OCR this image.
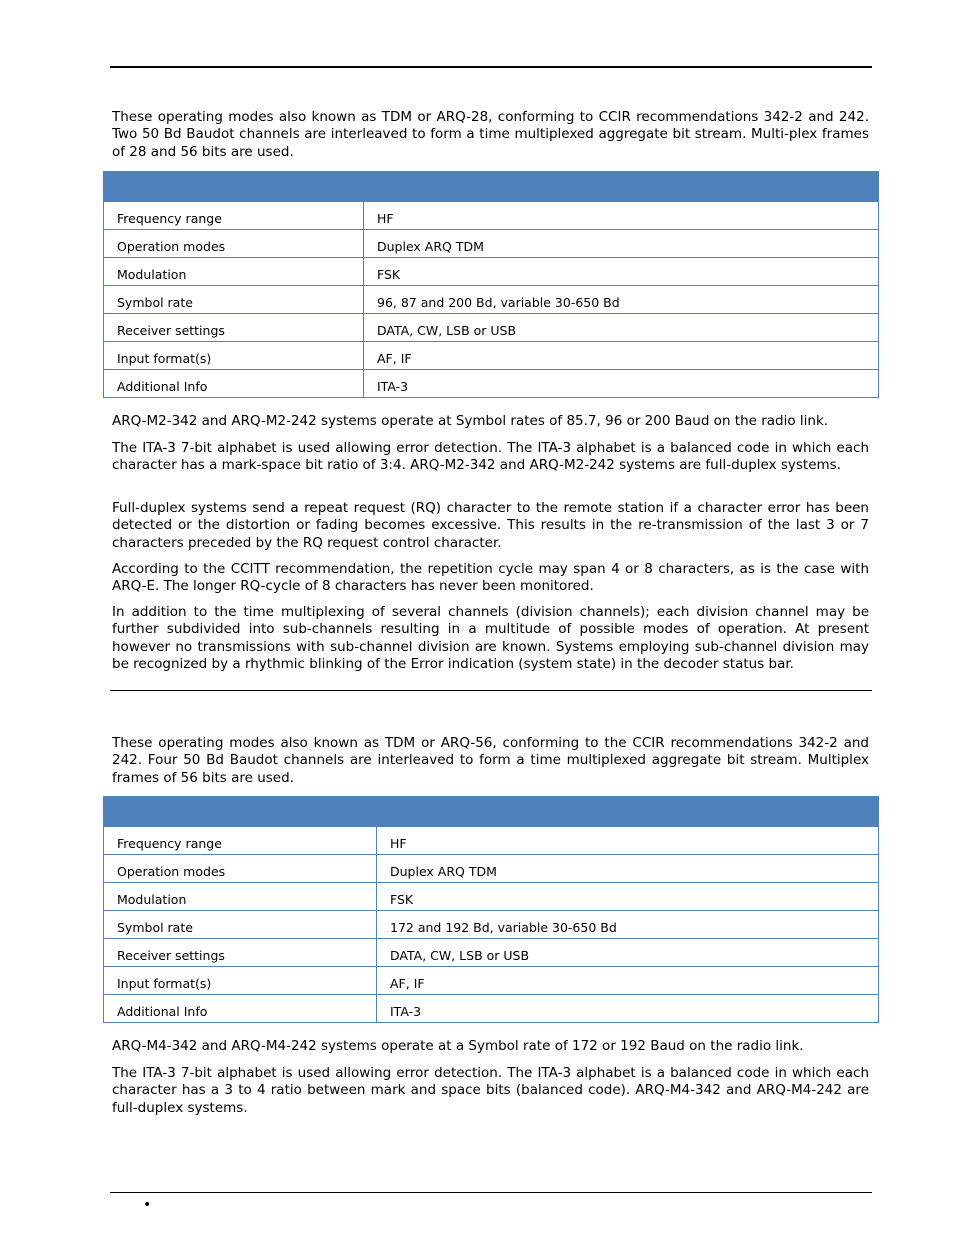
These operating modes also known as TDM or ARQ-28, conforming to CCIR recommendations 342-2 and 242. Two 50 Bd Baudot channels are interleaved to form a time multiplexed aggregate bit stream. Multi-plex frames of 28 and 56 bits are used.

Frequency range	HF
Operation modes	Duplex ARQ TDM
Modulation	FSK
Symbol rate	96, 87 and 200 Bd, variable 30-650 Bd
Receiver settings	DATA, CW, LSB or USB
Input format(s)	AF, IF
Additional Info	ITA-3

ARQ-M2-342 and ARQ-M2-242 systems operate at Symbol rates of 85.7, 96 or 200 Baud on the radio link.

The ITA-3 7-bit alphabet is used allowing error detection. The ITA-3 alphabet is a balanced code in which each character has a mark-space bit ratio of 3:4. ARQ-M2-342 and ARQ-M2-242 systems are full-duplex systems.

Full-duplex systems send a repeat request (RQ) character to the remote station if a character error has been detected or the distortion or fading becomes excessive. This results in the re-transmission of the last 3 or 7 characters preceded by the RQ request control character.

According to the CCITT recommendation, the repetition cycle may span 4 or 8 characters, as is the case with ARQ-E. The longer RQ-cycle of 8 characters has never been monitored.

In addition to the time multiplexing of several channels (division channels); each division channel may be further subdivided into sub-channels resulting in a multitude of possible modes of operation. At present however no transmissions with sub-channel division are known. Systems employing sub-channel division may be recognized by a rhythmic blinking of the Error indication (system state) in the decoder status bar.

These operating modes also known as TDM or ARQ-56, conforming to the CCIR recommendations 342-2 and 242. Four 50 Bd Baudot channels are interleaved to form a time multiplexed aggregate bit stream. Multiplex frames of 56 bits are used.

Frequency range	HF
Operation modes	Duplex ARQ TDM
Modulation	FSK
Symbol rate	172 and 192 Bd, variable 30-650 Bd
Receiver settings	DATA, CW, LSB or USB
Input format(s)	AF, IF
Additional Info	ITA-3

ARQ-M4-342 and ARQ-M4-242 systems operate at a Symbol rate of 172 or 192 Baud on the radio link.

The ITA-3 7-bit alphabet is used allowing error detection. The ITA-3 alphabet is a balanced code in which each character has a 3 to 4 ratio between mark and space bits (balanced code). ARQ-M4-342 and ARQ-M4-242 are full-duplex systems.

•
